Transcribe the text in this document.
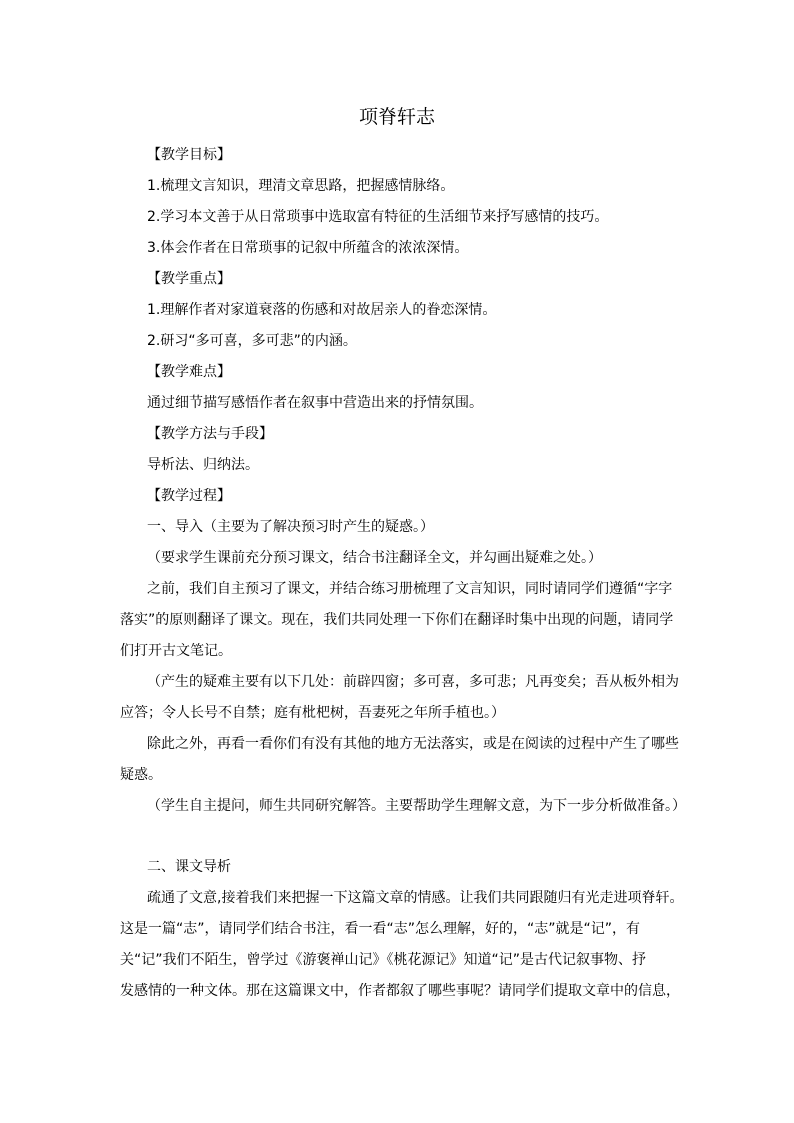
项脊轩志
【教学目标】
1.梳理文言知识，理清文章思路，把握感情脉络。
2.学习本文善于从日常琐事中选取富有特征的生活细节来抒写感情的技巧。
3.体会作者在日常琐事的记叙中所蕴含的浓浓深情。
【教学重点】
1.理解作者对家道衰落的伤感和对故居亲人的眷恋深情。
2.研习“多可喜，多可悲”的内涵。
【教学难点】
通过细节描写感悟作者在叙事中营造出来的抒情氛围。
【教学方法与手段】
导析法、归纳法。
【教学过程】
一、导入（主要为了解决预习时产生的疑惑。）
（要求学生课前充分预习课文，结合书注翻译全文，并勾画出疑难之处。）
之前，我们自主预习了课文，并结合练习册梳理了文言知识，同时请同学们遵循“字字
落实”的原则翻译了课文。现在，我们共同处理一下你们在翻译时集中出现的问题，请同学
们打开古文笔记。
（产生的疑难主要有以下几处：前辟四窗；多可喜，多可悲；凡再变矣；吾从板外相为
应答；令人长号不自禁；庭有枇杷树，吾妻死之年所手植也。）
除此之外，再看一看你们有没有其他的地方无法落实，或是在阅读的过程中产生了哪些
疑惑。
（学生自主提问，师生共同研究解答。主要帮助学生理解文意，为下一步分析做准备。）
二、课文导析
疏通了文意,接着我们来把握一下这篇文章的情感。让我们共同跟随归有光走进项脊轩。
这是一篇“志”，请同学们结合书注，看一看“志”怎么理解，好的，“志”就是“记”，有
关“记”我们不陌生，曾学过《游褒禅山记》《桃花源记》知道“记”是古代记叙事物、抒
发感情的一种文体。那在这篇课文中，作者都叙了哪些事呢？请同学们提取文章中的信息，
